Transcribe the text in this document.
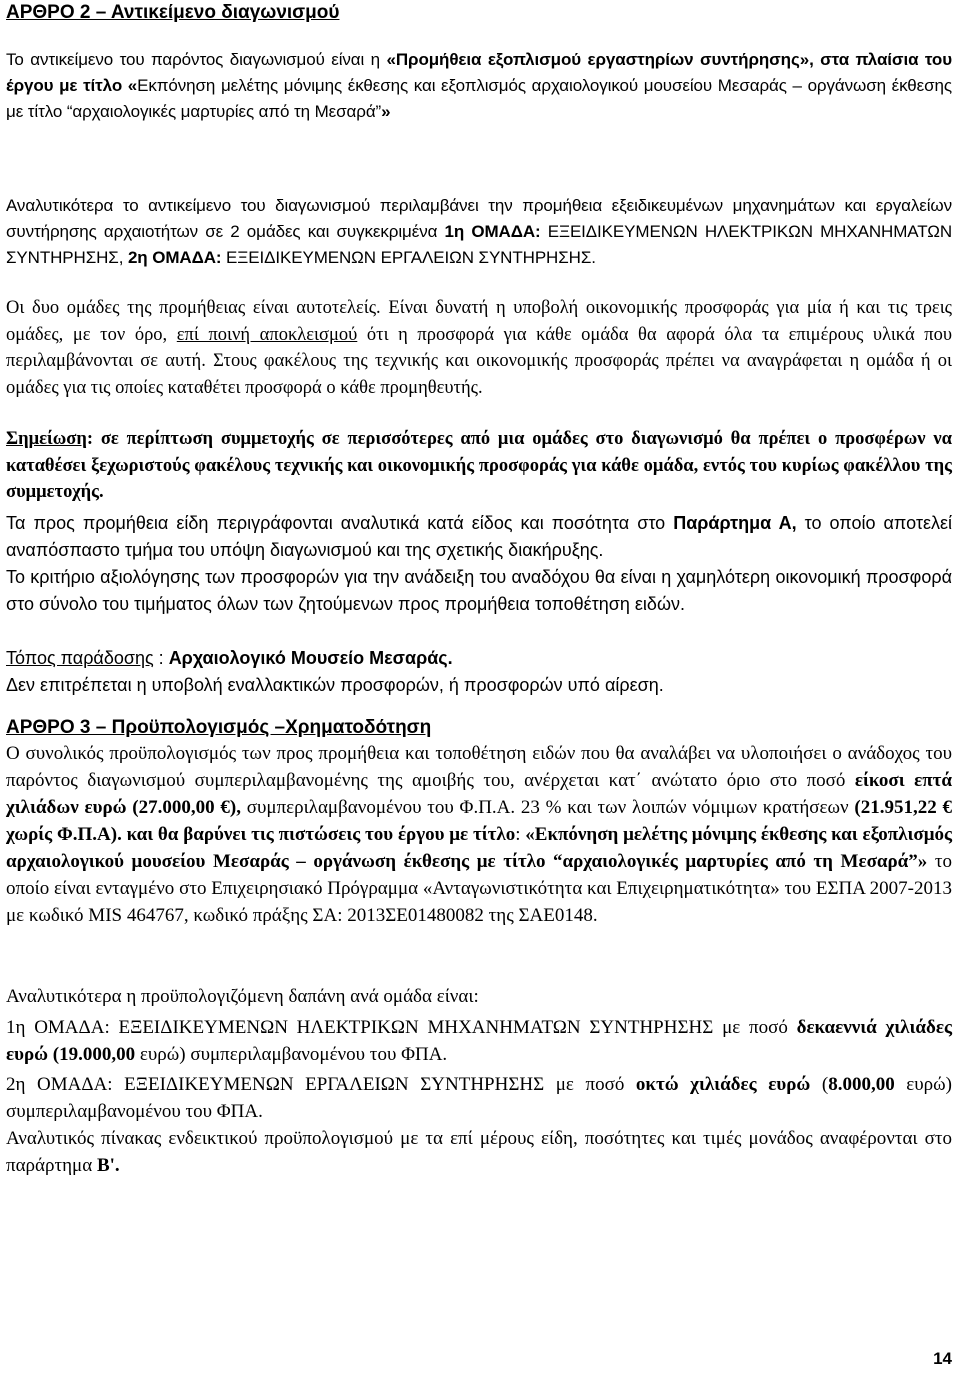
ΑΡΘΡΟ 2 – Αντικείμενο διαγωνισμού

Το αντικείμενο του παρόντος διαγωνισμού είναι η «Προμήθεια εξοπλισμού εργαστηρίων συντήρησης», στα πλαίσια του έργου με τίτλο «Εκπόνηση μελέτης μόνιμης έκθεσης και εξοπλισμός αρχαιολογικού μουσείου Μεσαράς – οργάνωση έκθεσης με τίτλο “αρχαιολογικές μαρτυρίες από τη Μεσαρά”»

Αναλυτικότερα το αντικείμενο του διαγωνισμού περιλαμβάνει την προμήθεια εξειδικευμένων μηχανημάτων και εργαλείων συντήρησης αρχαιοτήτων σε 2 ομάδες και συγκεκριμένα 1η ΟΜΑΔΑ: ΕΞΕΙΔΙΚΕΥΜΕΝΩΝ ΗΛΕΚΤΡΙΚΩΝ ΜΗΧΑΝΗΜΑΤΩΝ ΣΥΝΤΗΡΗΣΗΣ, 2η ΟΜΑΔΑ: ΕΞΕΙΔΙΚΕΥΜΕΝΩΝ ΕΡΓΑΛΕΙΩΝ ΣΥΝΤΗΡΗΣΗΣ.

Οι δυο ομάδες της προμήθειας είναι αυτοτελείς. Είναι δυνατή η υποβολή οικονομικής προσφοράς για μία ή και τις τρεις ομάδες, με τον όρο, επί ποινή αποκλεισμού ότι η προσφορά για κάθε ομάδα θα αφορά όλα τα επιμέρους υλικά που περιλαμβάνονται σε αυτή. Στους φακέλους της τεχνικής και οικονομικής προσφοράς πρέπει να αναγράφεται η ομάδα ή οι ομάδες για τις οποίες καταθέτει προσφορά ο κάθε προμηθευτής.

Σημείωση: σε περίπτωση συμμετοχής σε περισσότερες από μια ομάδες στο διαγωνισμό θα πρέπει ο προσφέρων να καταθέσει ξεχωριστούς φακέλους τεχνικής και οικονομικής προσφοράς για κάθε ομάδα, εντός του κυρίως φακέλλου της συμμετοχής.

Τα προς προμήθεια είδη περιγράφονται αναλυτικά κατά είδος και ποσότητα στο Παράρτημα Α, το οποίο αποτελεί αναπόσπαστο τμήμα του υπόψη διαγωνισμού και της σχετικής διακήρυξης.

Το κριτήριο αξιολόγησης των προσφορών για την ανάδειξη του αναδόχου θα είναι η χαμηλότερη οικονομική προσφορά στο σύνολο του τιμήματος όλων των ζητούμενων προς προμήθεια τοποθέτηση ειδών.

Τόπος παράδοσης : Αρχαιολογικό Μουσείο Μεσαράς.

Δεν επιτρέπεται η υποβολή εναλλακτικών προσφορών, ή προσφορών υπό αίρεση.

ΑΡΘΡΟ 3 – Προϋπολογισμός –Χρηματοδότηση

Ο συνολικός προϋπολογισμός των προς προμήθεια και τοποθέτηση ειδών που θα αναλάβει να υλοποιήσει ο ανάδοχος του παρόντος διαγωνισμού συμπεριλαμβανομένης της αμοιβής του, ανέρχεται κατ΄ ανώτατο όριο στο ποσό είκοσι επτά χιλιάδων ευρώ (27.000,00 €), συμπεριλαμβανομένου του Φ.Π.Α. 23 % και των λοιπών νόμιμων κρατήσεων (21.951,22 € χωρίς Φ.Π.Α). και θα βαρύνει τις πιστώσεις του έργου με τίτλο: «Εκπόνηση μελέτης μόνιμης έκθεσης και εξοπλισμός αρχαιολογικού μουσείου Μεσαράς – οργάνωση έκθεσης με τίτλο “αρχαιολογικές μαρτυρίες από τη Μεσαρά”» το οποίο είναι ενταγμένο στο Επιχειρησιακό Πρόγραμμα «Ανταγωνιστικότητα και Επιχειρηματικότητα» του ΕΣΠΑ 2007-2013 με κωδικό MIS 464767, κωδικό πράξης ΣΑ: 2013ΣΕ01480082 της ΣΑΕ0148.

Αναλυτικότερα η προϋπολογιζόμενη δαπάνη ανά ομάδα είναι:

1η ΟΜΑΔΑ: ΕΞΕΙΔΙΚΕΥΜΕΝΩΝ ΗΛΕΚΤΡΙΚΩΝ ΜΗΧΑΝΗΜΑΤΩΝ ΣΥΝΤΗΡΗΣΗΣ με ποσό δεκαεννιά χιλιάδες ευρώ (19.000,00 ευρώ) συμπεριλαμβανομένου του ΦΠΑ.

2η ΟΜΑΔΑ: ΕΞΕΙΔΙΚΕΥΜΕΝΩΝ ΕΡΓΑΛΕΙΩΝ ΣΥΝΤΗΡΗΣΗΣ με ποσό οκτώ χιλιάδες ευρώ (8.000,00 ευρώ) συμπεριλαμβανομένου του ΦΠΑ.

Αναλυτικός πίνακας ενδεικτικού προϋπολογισμού με τα επί μέρους είδη, ποσότητες και τιμές μονάδος αναφέρονται στο παράρτημα Β'.

14
